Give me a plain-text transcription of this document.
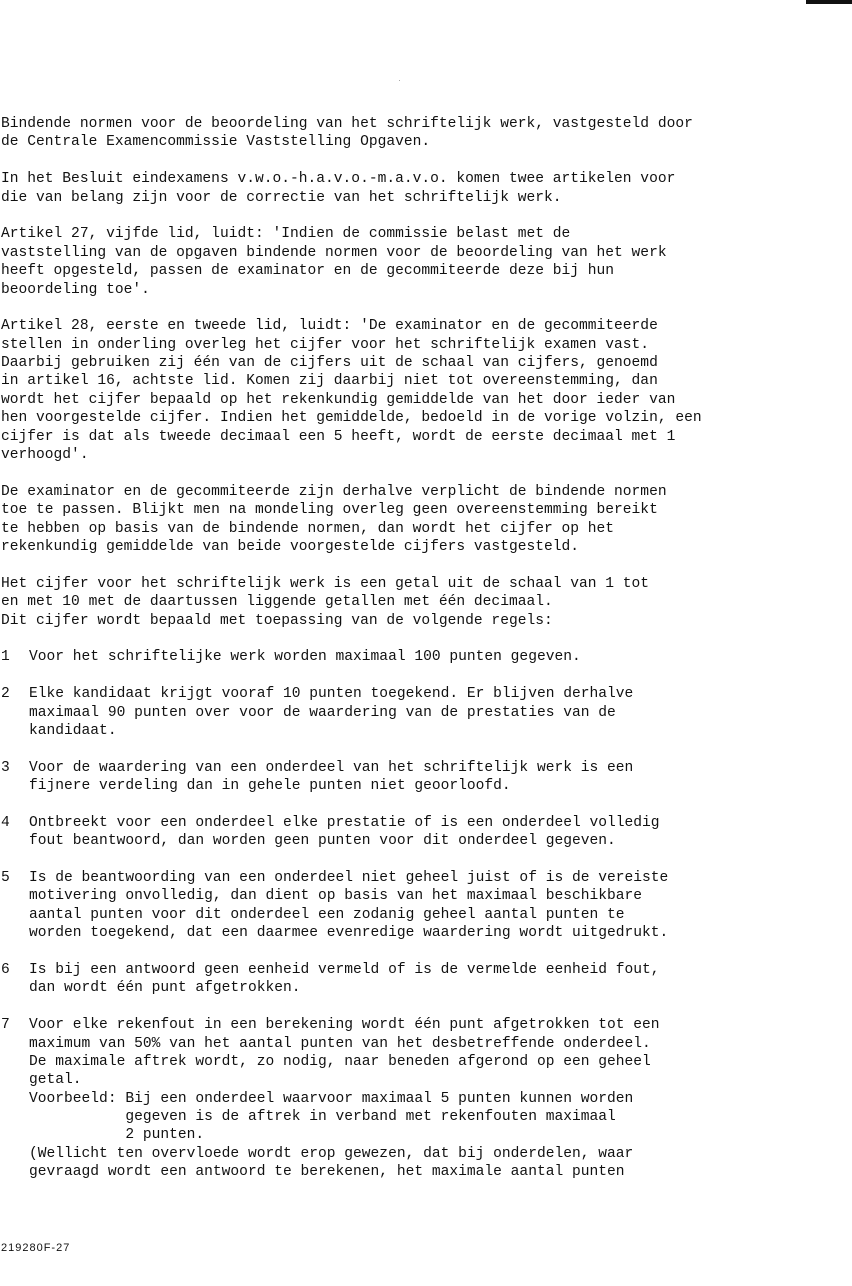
Bindende normen voor de beoordeling van het schriftelijk werk, vastgesteld door
de Centrale Examencommissie Vaststelling Opgaven.
In het Besluit eindexamens v.w.o.-h.a.v.o.-m.a.v.o. komen twee artikelen voor
die van belang zijn voor de correctie van het schriftelijk werk.
Artikel 27, vijfde lid, luidt: 'Indien de commissie belast met de
vaststelling van de opgaven bindende normen voor de beoordeling van het werk
heeft opgesteld, passen de examinator en de gecommiteerde deze bij hun
beoordeling toe'.
Artikel 28, eerste en tweede lid, luidt: 'De examinator en de gecommiteerde
stellen in onderling overleg het cijfer voor het schriftelijk examen vast.
Daarbij gebruiken zij één van de cijfers uit de schaal van cijfers, genoemd
in artikel 16, achtste lid. Komen zij daarbij niet tot overeenstemming, dan
wordt het cijfer bepaald op het rekenkundig gemiddelde van het door ieder van
hen voorgestelde cijfer. Indien het gemiddelde, bedoeld in de vorige volzin, een
cijfer is dat als tweede decimaal een 5 heeft, wordt de eerste decimaal met 1
verhoogd'.
De examinator en de gecommiteerde zijn derhalve verplicht de bindende normen
toe te passen. Blijkt men na mondeling overleg geen overeenstemming bereikt
te hebben op basis van de bindende normen, dan wordt het cijfer op het
rekenkundig gemiddelde van beide voorgestelde cijfers vastgesteld.
Het cijfer voor het schriftelijk werk is een getal uit de schaal van 1 tot
en met 10 met de daartussen liggende getallen met één decimaal.
Dit cijfer wordt bepaald met toepassing van de volgende regels:
1	Voor het schriftelijke werk worden maximaal 100 punten gegeven.
2	Elke kandidaat krijgt vooraf 10 punten toegekend. Er blijven derhalve
maximaal 90 punten over voor de waardering van de prestaties van de
kandidaat.
3	Voor de waardering van een onderdeel van het schriftelijk werk is een
fijnere verdeling dan in gehele punten niet geoorloofd.
4	Ontbreekt voor een onderdeel elke prestatie of is een onderdeel volledig
fout beantwoord, dan worden geen punten voor dit onderdeel gegeven.
5	Is de beantwoording van een onderdeel niet geheel juist of is de vereiste
motivering onvolledig, dan dient op basis van het maximaal beschikbare
aantal punten voor dit onderdeel een zodanig geheel aantal punten te
worden toegekend, dat een daarmee evenredige waardering wordt uitgedrukt.
6	Is bij een antwoord geen eenheid vermeld of is de vermelde eenheid fout,
dan wordt één punt afgetrokken.
7	Voor elke rekenfout in een berekening wordt één punt afgetrokken tot een
maximum van 50% van het aantal punten van het desbetreffende onderdeel.
De maximale aftrek wordt, zo nodig, naar beneden afgerond op een geheel
getal.
Voorbeeld: Bij een onderdeel waarvoor maximaal 5 punten kunnen worden
gegeven is de aftrek in verband met rekenfouten maximaal
2 punten.
(Wellicht ten overvloede wordt erop gewezen, dat bij onderdelen, waar
gevraagd wordt een antwoord te berekenen, het maximale aantal punten
219280F-27
